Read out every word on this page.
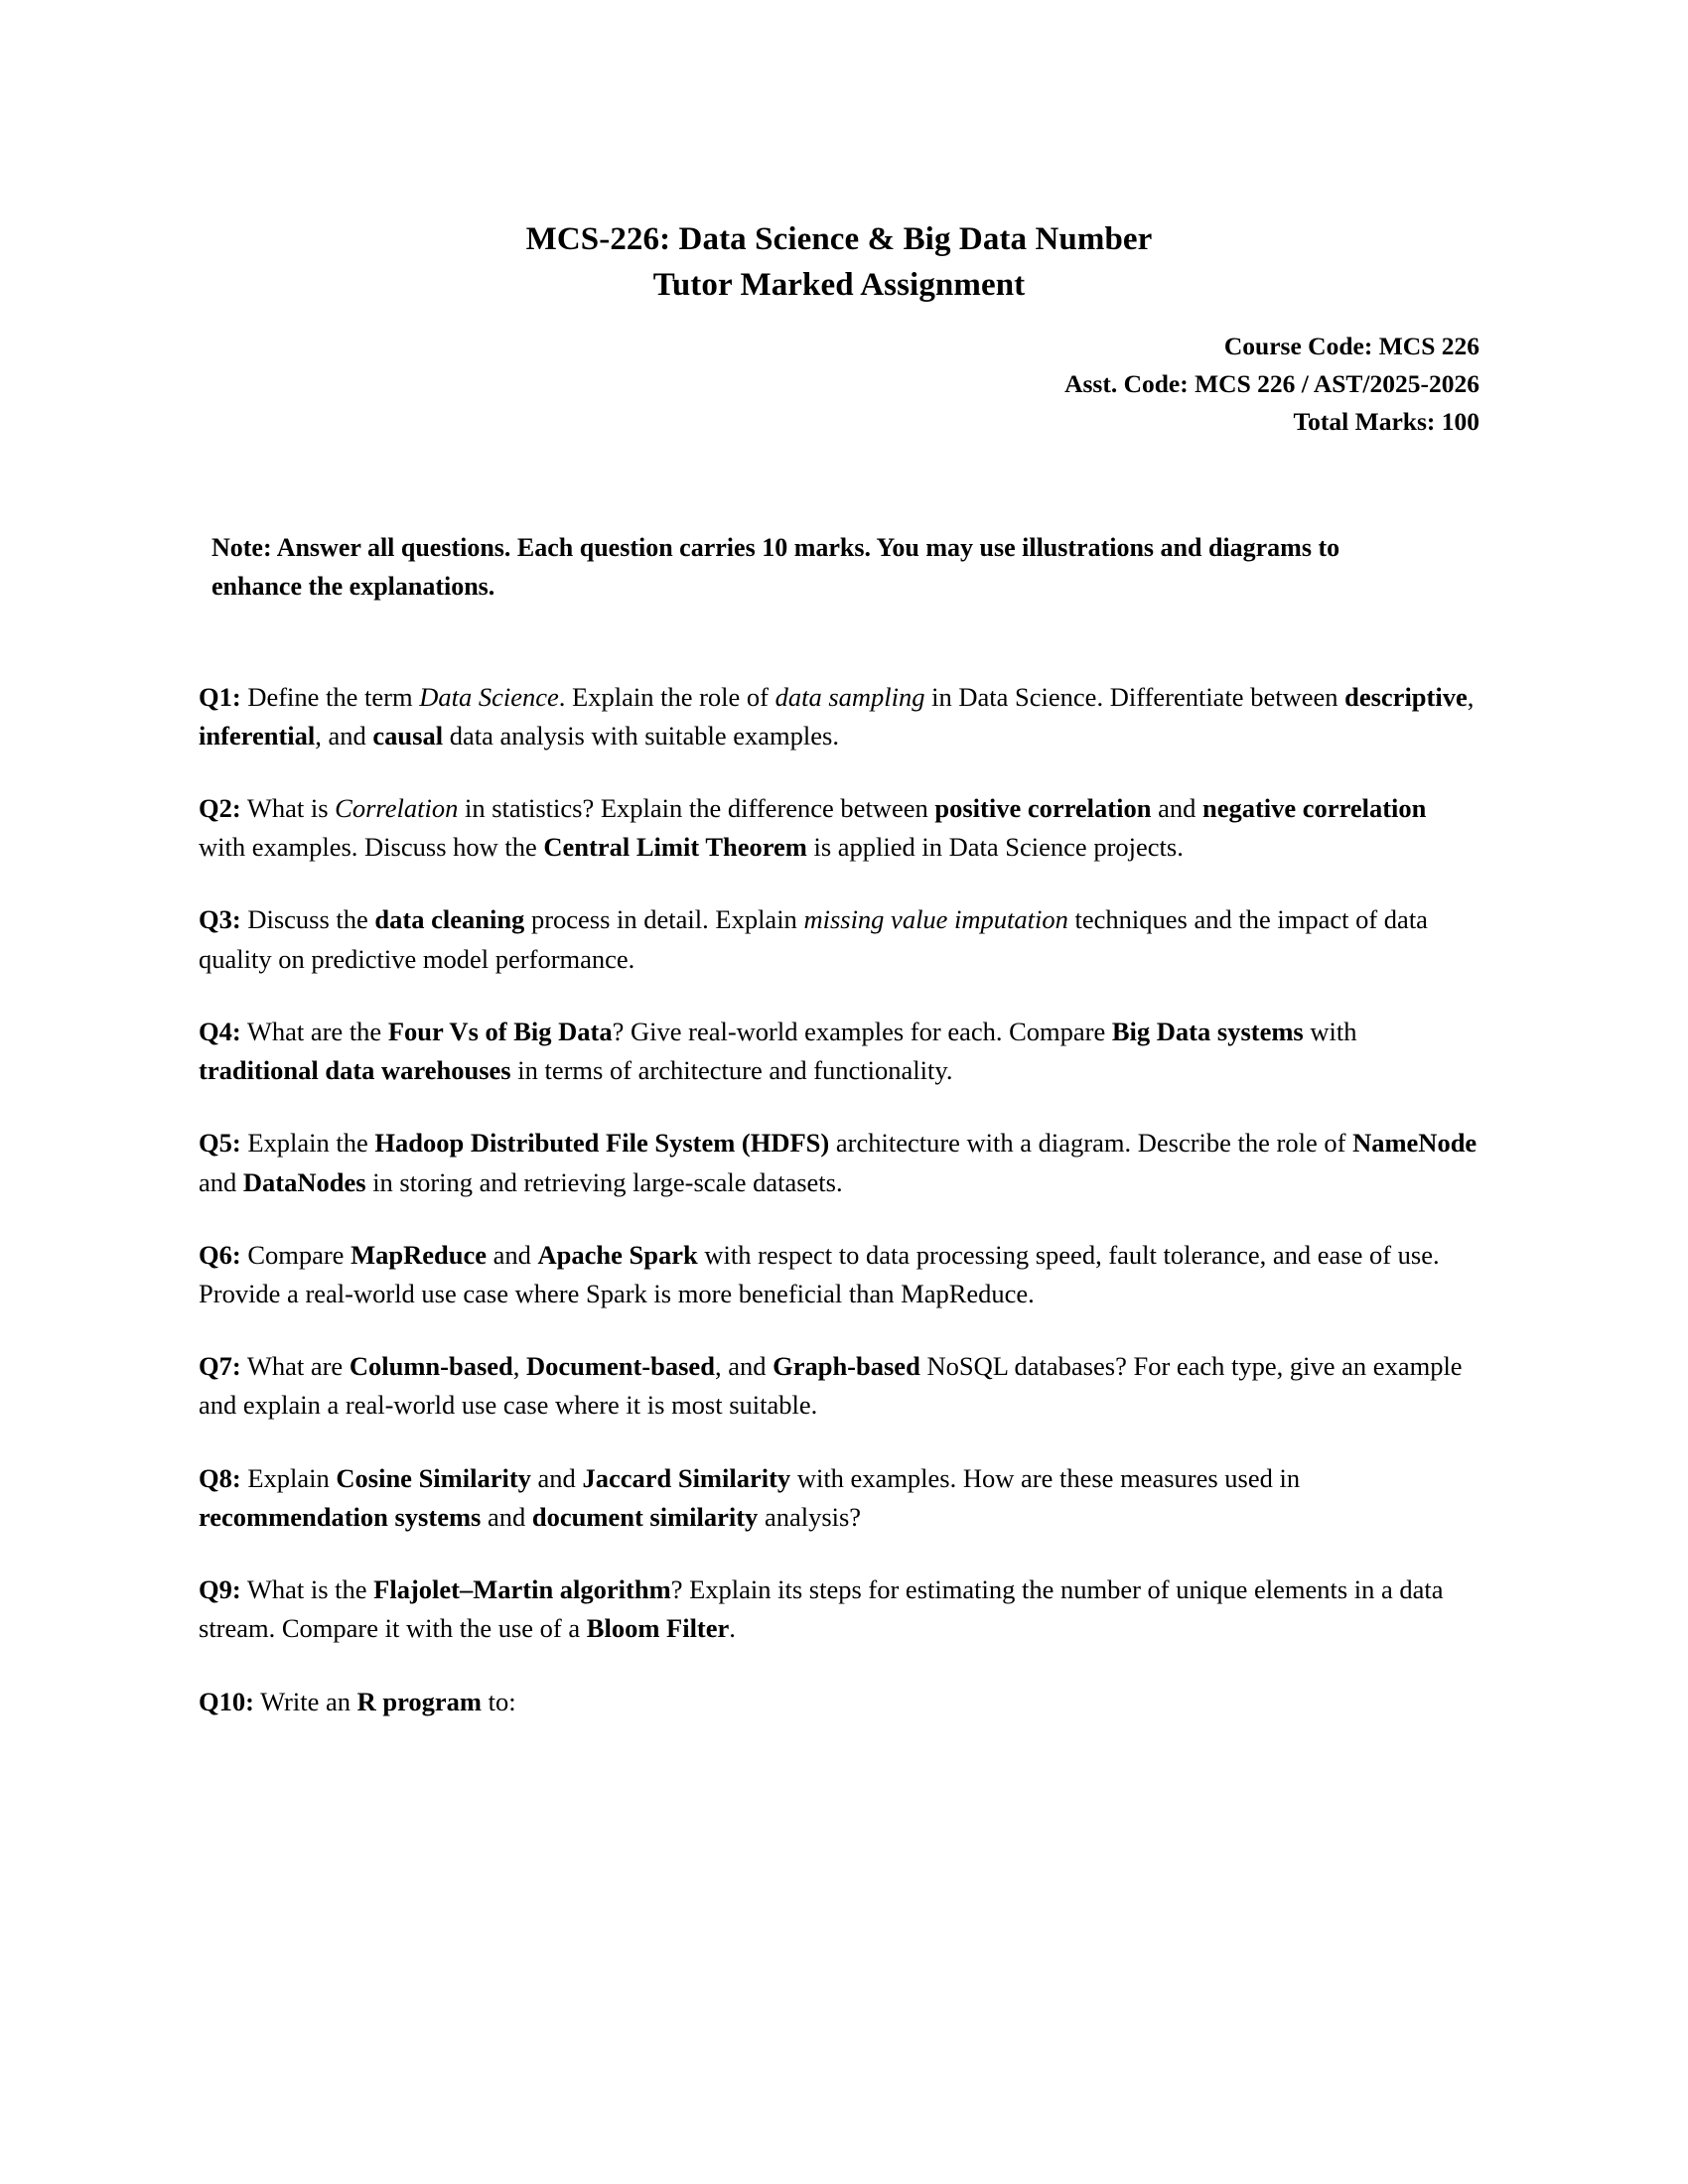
MCS-226: Data Science & Big Data Number
Tutor Marked Assignment
Course Code: MCS 226
Asst. Code: MCS 226 / AST/2025-2026
Total Marks: 100
Note: Answer all questions. Each question carries 10 marks. You may use illustrations and diagrams to enhance the explanations.
Q1: Define the term Data Science. Explain the role of data sampling in Data Science. Differentiate between descriptive, inferential, and causal data analysis with suitable examples.
Q2: What is Correlation in statistics? Explain the difference between positive correlation and negative correlation with examples. Discuss how the Central Limit Theorem is applied in Data Science projects.
Q3: Discuss the data cleaning process in detail. Explain missing value imputation techniques and the impact of data quality on predictive model performance.
Q4: What are the Four Vs of Big Data? Give real-world examples for each. Compare Big Data systems with traditional data warehouses in terms of architecture and functionality.
Q5: Explain the Hadoop Distributed File System (HDFS) architecture with a diagram. Describe the role of NameNode and DataNodes in storing and retrieving large-scale datasets.
Q6: Compare MapReduce and Apache Spark with respect to data processing speed, fault tolerance, and ease of use. Provide a real-world use case where Spark is more beneficial than MapReduce.
Q7: What are Column-based, Document-based, and Graph-based NoSQL databases? For each type, give an example and explain a real-world use case where it is most suitable.
Q8: Explain Cosine Similarity and Jaccard Similarity with examples. How are these measures used in recommendation systems and document similarity analysis?
Q9: What is the Flajolet–Martin algorithm? Explain its steps for estimating the number of unique elements in a data stream. Compare it with the use of a Bloom Filter.
Q10: Write an R program to:
